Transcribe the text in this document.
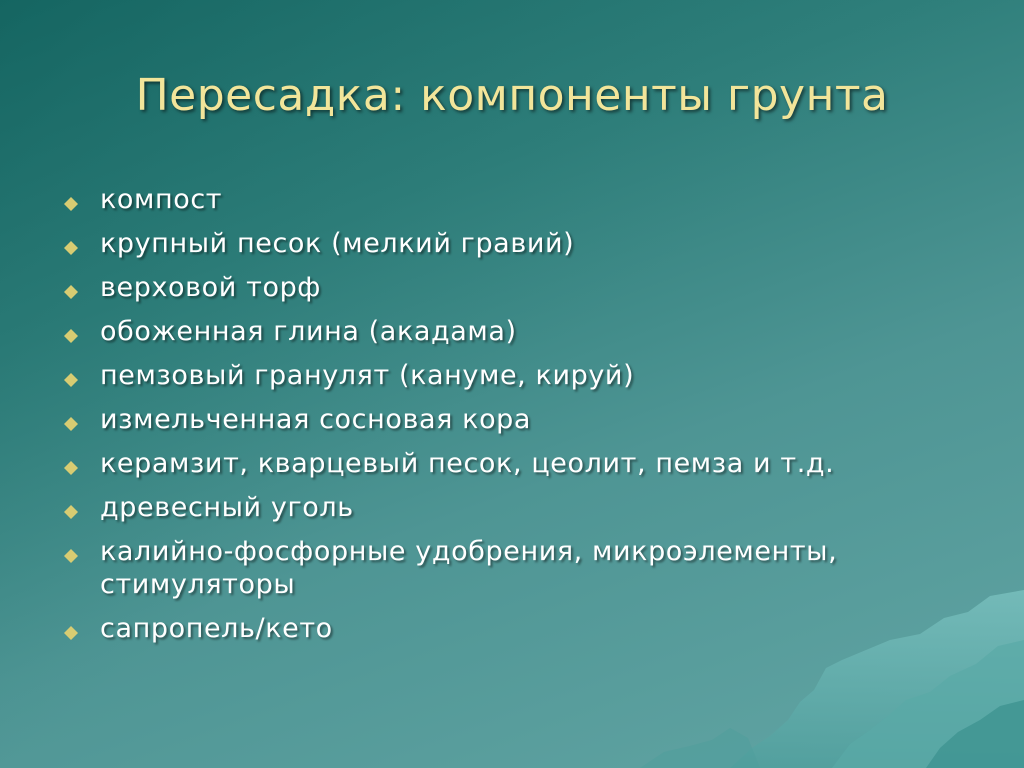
Пересадка: компоненты грунта
компост
крупный песок (мелкий гравий)
верховой торф
обоженная глина (акадама)
пемзовый гранулят (кануме, кируй)
измельченная сосновая кора
керамзит, кварцевый песок, цеолит, пемза и т.д.
древесный уголь
калийно-фосфорные удобрения, микроэлементы, стимуляторы
сапропель/кето
